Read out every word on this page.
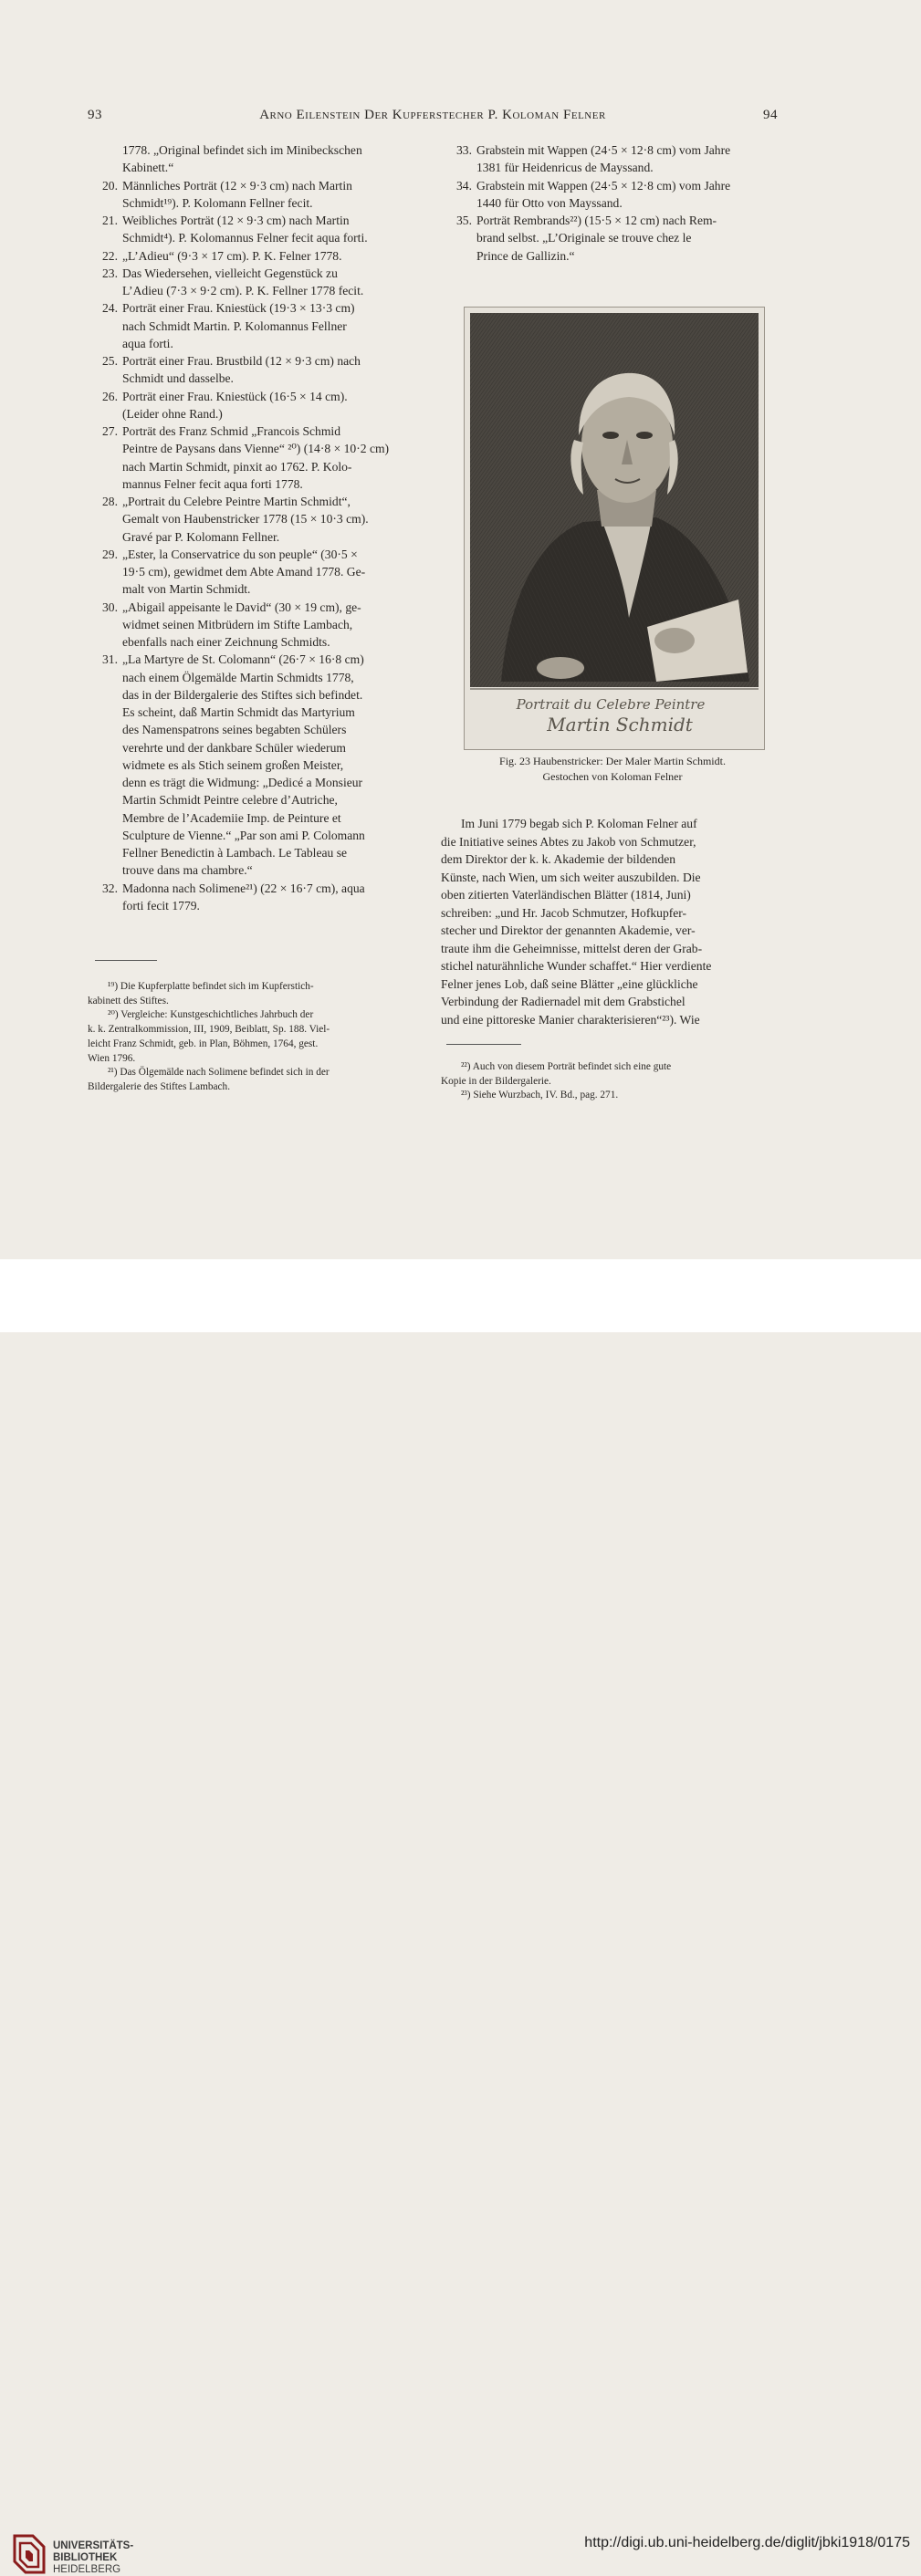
93	Arno Eilenstein Der Kupferstecher P. Koloman Felner	94
1778. „Original befindet sich im Minibeckschen
Kabinett.“
20. Männliches Porträt (12 × 9·3 cm) nach Martin
Schmidt¹⁹). P. Kolomann Fellner fecit.
21. Weibliches Porträt (12 × 9·3 cm) nach Martin
Schmidt⁴). P. Kolomannus Felner fecit aqua forti.
22. „L’Adieu“ (9·3 × 17 cm). P. K. Felner 1778.
23. Das Wiedersehen, vielleicht Gegenstück zu
L’Adieu (7·3 × 9·2 cm). P. K. Fellner 1778 fecit.
24. Porträt einer Frau. Kniestück (19·3 × 13·3 cm)
nach Schmidt Martin. P. Kolomannus Fellner
aqua forti.
25. Porträt einer Frau. Brustbild (12 × 9·3 cm) nach
Schmidt und dasselbe.
26. Porträt einer Frau. Kniestück (16·5 × 14 cm).
(Leider ohne Rand.)
27. Porträt des Franz Schmid „Francois Schmid
Peintre de Paysans dans Vienne“ ²⁰) (14·8 × 10·2 cm)
nach Martin Schmidt, pinxit ao 1762. P. Kolo-
mannus Felner fecit aqua forti 1778.
28. „Portrait du Celebre Peintre Martin Schmidt“,
Gemalt von Haubenstricker 1778 (15 × 10·3 cm).
Gravé par P. Kolomann Fellner.
29. „Ester, la Conservatrice du son peuple“ (30·5 ×
19·5 cm), gewidmet dem Abte Amand 1778. Ge-
malt von Martin Schmidt.
30. „Abigail appeisante le David“ (30 × 19 cm), ge-
widmet seinen Mitbrüdern im Stifte Lambach,
ebenfalls nach einer Zeichnung Schmidts.
31. „La Martyre de St. Colomann“ (26·7 × 16·8 cm)
nach einem Ölgemälde Martin Schmidts 1778,
das in der Bildergalerie des Stiftes sich befindet.
Es scheint, daß Martin Schmidt das Martyrium
des Namenspatrons seines begabten Schülers
verehrte und der dankbare Schüler wiederum
widmete es als Stich seinem großen Meister,
denn es trägt die Widmung: „Dedicé a Monsieur
Martin Schmidt Peintre celebre d’Autriche,
Membre de l’Academiie Imp. de Peinture et
Sculpture de Vienne.“ „Par son ami P. Colomann
Fellner Benedictin à Lambach. Le Tableau se
trouve dans ma chambre.“
32. Madonna nach Solimene²¹) (22 × 16·7 cm), aqua
forti fecit 1779.
33. Grabstein mit Wappen (24·5 × 12·8 cm) vom Jahre
1381 für Heidenricus de Mayssand.
34. Grabstein mit Wappen (24·5 × 12·8 cm) vom Jahre
1440 für Otto von Mayssand.
35. Porträt Rembrands²²) (15·5 × 12 cm) nach Rem-
brand selbst. „L’Originale se trouve chez le
Prince de Gallizin.“
Portrait du Celebre Peintre
Martin Schmidt
Fig. 23 Haubenstricker: Der Maler Martin Schmidt.
Gestochen von Koloman Felner
Im Juni 1779 begab sich P. Koloman Felner auf
die Initiative seines Abtes zu Jakob von Schmutzer,
dem Direktor der k. k. Akademie der bildenden
Künste, nach Wien, um sich weiter auszubilden. Die
oben zitierten Vaterländischen Blätter (1814, Juni)
schreiben: „und Hr. Jacob Schmutzer, Hofkupfer-
stecher und Direktor der genannten Akademie, ver-
traute ihm die Geheimnisse, mittelst deren der Grab-
stichel naturähnliche Wunder schaffet.“ Hier verdiente
Felner jenes Lob, daß seine Blätter „eine glückliche
Verbindung der Radiernadel mit dem Grabstichel
und eine pittoreske Manier charakterisieren“²³). Wie
¹⁹) Die Kupferplatte befindet sich im Kupferstich-
kabinett des Stiftes.
²⁰) Vergleiche: Kunstgeschichtliches Jahrbuch der
k. k. Zentralkommission, III, 1909, Beiblatt, Sp. 188. Viel-
leicht Franz Schmidt, geb. in Plan, Böhmen, 1764, gest.
Wien 1796.
²¹) Das Ölgemälde nach Solimene befindet sich in der
Bildergalerie des Stiftes Lambach.
²²) Auch von diesem Porträt befindet sich eine gute
Kopie in der Bildergalerie.
²³) Siehe Wurzbach, IV. Bd., pag. 271.
UNIVERSITÄTS-
BIBLIOTHEK
HEIDELBERG
http://digi.ub.uni-heidelberg.de/diglit/jbki1918/0175
